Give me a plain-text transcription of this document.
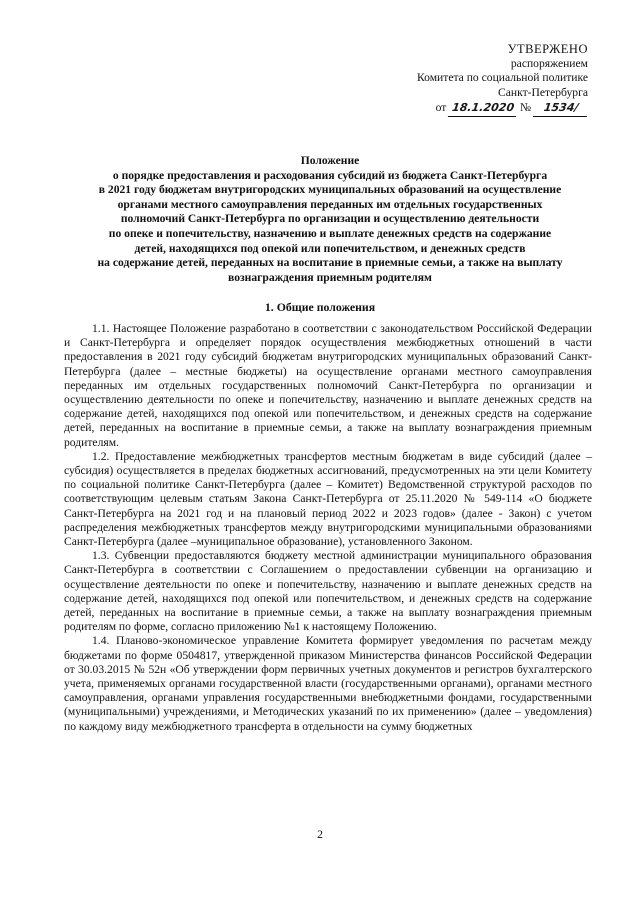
УТВЕРЖЕНО
распоряжением
Комитета по социальной политике
Санкт-Петербурга
от 18.1.2020 № 1534/
Положение
о порядке предоставления и расходования субсидий из бюджета Санкт-Петербурга
в 2021 году бюджетам внутригородских муниципальных образований на осуществление
органами местного самоуправления переданных им отдельных государственных
полномочий Санкт-Петербурга по организации и осуществлению деятельности
по опеке и попечительству, назначению и выплате денежных средств на содержание
детей, находящихся под опекой или попечительством, и денежных средств
на содержание детей, переданных на воспитание в приемные семьи, а также на выплату
вознаграждения приемным родителям
1. Общие положения

1.1. Настоящее Положение разработано в соответствии с законодательством Российской Федерации и Санкт-Петербурга и определяет порядок осуществления межбюджетных отношений в части предоставления в 2021 году субсидий бюджетам внутригородских муниципальных образований Санкт-Петербурга (далее – местные бюджеты) на осуществление органами местного самоуправления переданных им отдельных государственных полномочий Санкт-Петербурга по организации и осуществлению деятельности по опеке и попечительству, назначению и выплате денежных средств на содержание детей, находящихся под опекой или попечительством, и денежных средств на содержание детей, переданных на воспитание в приемные семьи, а также на выплату вознаграждения приемным родителям.

1.2. Предоставление межбюджетных трансфертов местным бюджетам в виде субсидий (далее – субсидия) осуществляется в пределах бюджетных ассигнований, предусмотренных на эти цели Комитету по социальной политике Санкт-Петербурга (далее – Комитет) Ведомственной структурой расходов по соответствующим целевым статьям Закона Санкт-Петербурга от 25.11.2020 № 549-114 «О бюджете Санкт-Петербурга на 2021 год и на плановый период 2022 и 2023 годов» (далее - Закон) с учетом распределения межбюджетных трансфертов между внутригородскими муниципальными образованиями Санкт-Петербурга (далее –муниципальное образование), установленного Законом.

1.3. Субвенции предоставляются бюджету местной администрации муниципального образования Санкт-Петербурга в соответствии с Соглашением о предоставлении субвенции на организацию и осуществление деятельности по опеке и попечительству, назначению и выплате денежных средств на содержание детей, находящихся под опекой или попечительством, и денежных средств на содержание детей, переданных на воспитание в приемные семьи, а также на выплату вознаграждения приемным родителям по форме, согласно приложению №1 к настоящему Положению.

1.4. Планово-экономическое управление Комитета формирует уведомления по расчетам между бюджетами по форме 0504817, утвержденной приказом Министерства финансов Российской Федерации от 30.03.2015 № 52н «Об утверждении форм первичных учетных документов и регистров бухгалтерского учета, применяемых органами государственной власти (государственными органами), органами местного самоуправления, органами управления государственными внебюджетными фондами, государственными (муниципальными) учреждениями, и Методических указаний по их применению» (далее – уведомления) по каждому виду межбюджетного трансферта в отдельности на сумму бюджетных

2
